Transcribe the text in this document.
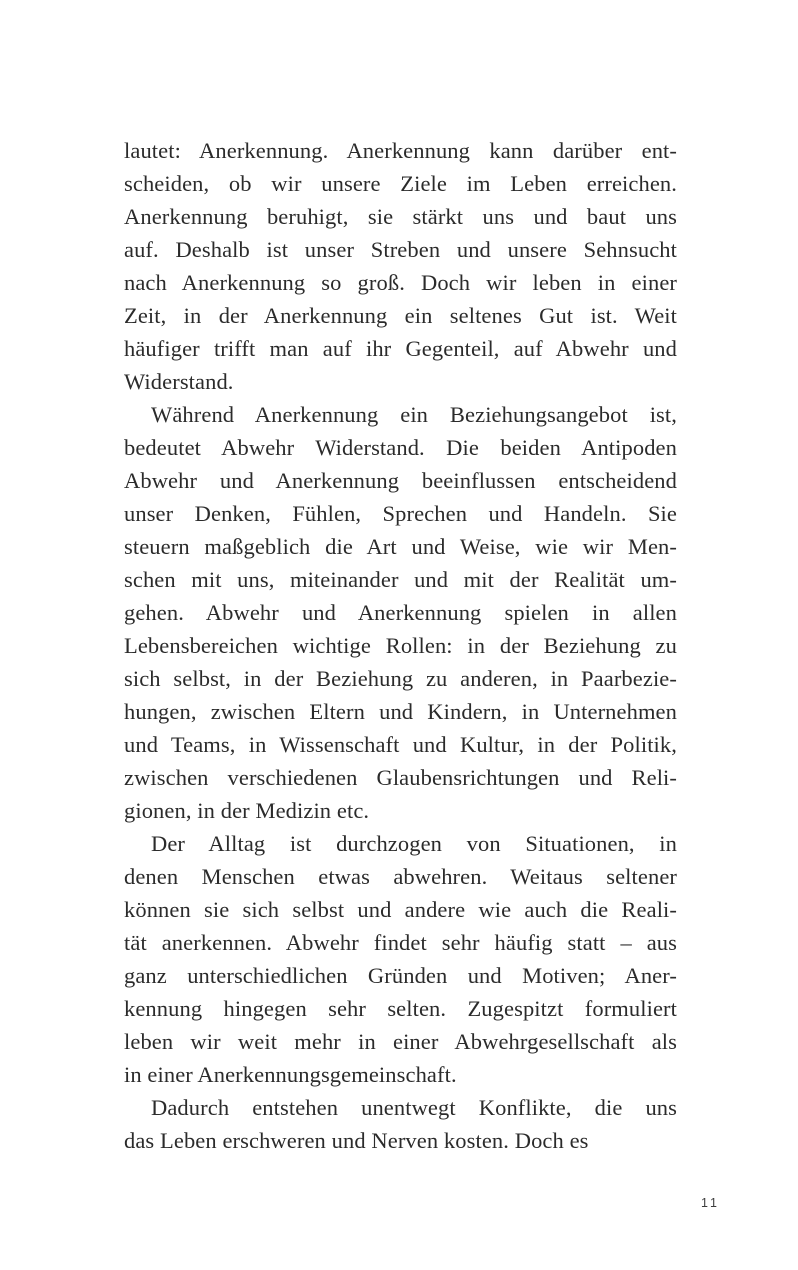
lautet: Anerkennung. Anerkennung kann darüber ent-
scheiden, ob wir unsere Ziele im Leben erreichen.
Anerkennung beruhigt, sie stärkt uns und baut uns
auf. Deshalb ist unser Streben und unsere Sehnsucht
nach Anerkennung so groß. Doch wir leben in einer
Zeit, in der Anerkennung ein seltenes Gut ist. Weit
häufiger trifft man auf ihr Gegenteil, auf Abwehr und
Widerstand.

Während Anerkennung ein Beziehungsangebot ist,
bedeutet Abwehr Widerstand. Die beiden Antipoden
Abwehr und Anerkennung beeinflussen entscheidend
unser Denken, Fühlen, Sprechen und Handeln. Sie
steuern maßgeblich die Art und Weise, wie wir Men-
schen mit uns, miteinander und mit der Realität um-
gehen. Abwehr und Anerkennung spielen in allen
Lebensbereichen wichtige Rollen: in der Beziehung zu
sich selbst, in der Beziehung zu anderen, in Paarbezie-
hungen, zwischen Eltern und Kindern, in Unternehmen
und Teams, in Wissenschaft und Kultur, in der Politik,
zwischen verschiedenen Glaubensrichtungen und Reli-
gionen, in der Medizin etc.

Der Alltag ist durchzogen von Situationen, in
denen Menschen etwas abwehren. Weitaus seltener
können sie sich selbst und andere wie auch die Reali-
tät anerkennen. Abwehr findet sehr häufig statt – aus
ganz unterschiedlichen Gründen und Motiven; Aner-
kennung hingegen sehr selten. Zugespitzt formuliert
leben wir weit mehr in einer Abwehrgesellschaft als
in einer Anerkennungsgemeinschaft.

Dadurch entstehen unentwegt Konflikte, die uns
das Leben erschweren und Nerven kosten. Doch es

11
